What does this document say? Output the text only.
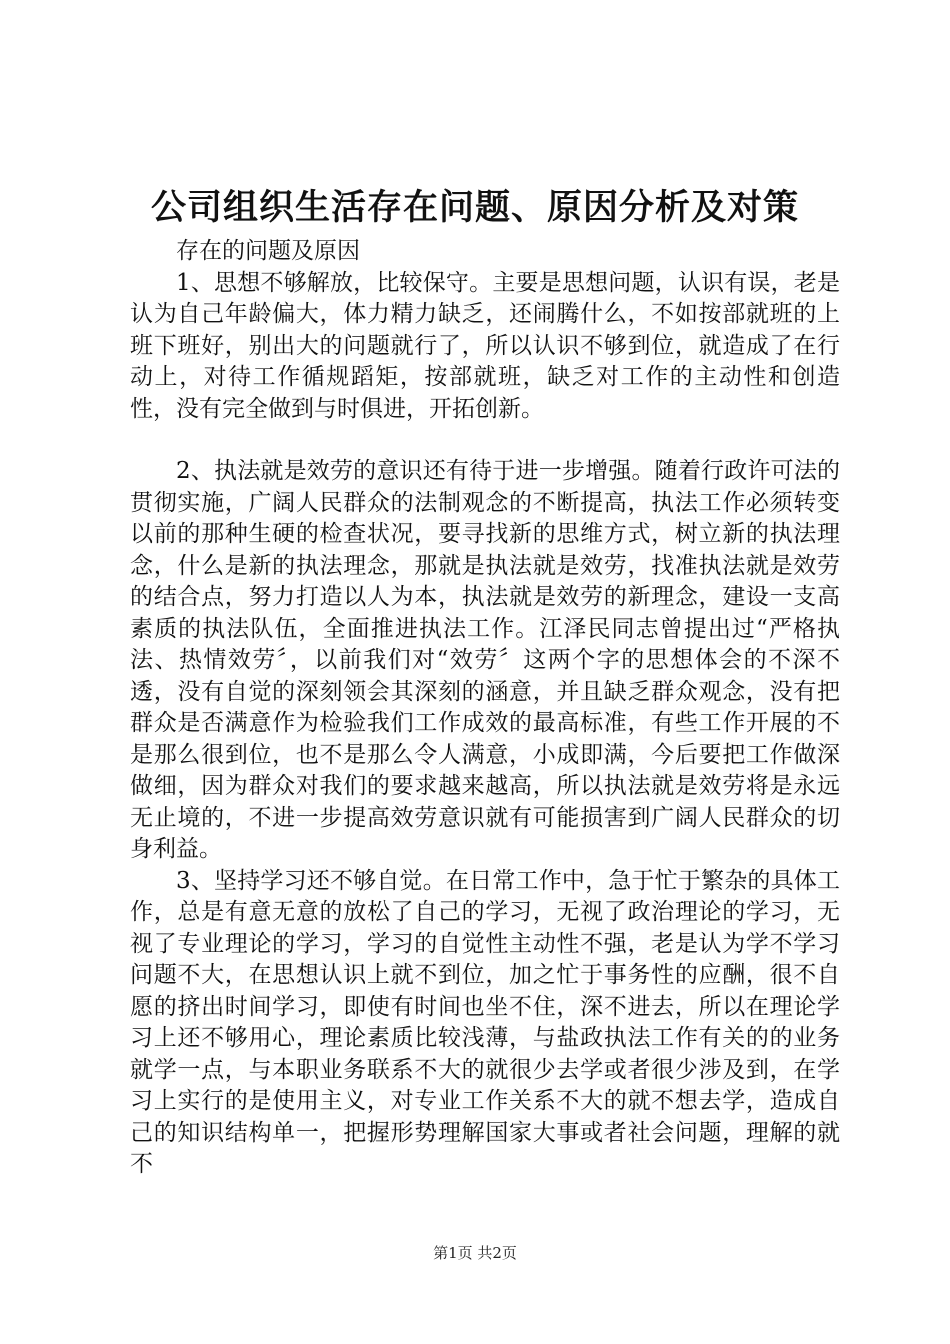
公司组织生活存在问题、原因分析及对策

存在的问题及原因

1、思想不够解放，比较保守。主要是思想问题，认识有误，老是认为自己年龄偏大，体力精力缺乏，还闹腾什么，不如按部就班的上班下班好，别出大的问题就行了，所以认识不够到位，就造成了在行动上，对待工作循规蹈矩，按部就班，缺乏对工作的主动性和创造性，没有完全做到与时俱进，开拓创新。

2、执法就是效劳的意识还有待于进一步增强。随着行政许可法的贯彻实施，广阔人民群众的法制观念的不断提高，执法工作必须转变以前的那种生硬的检查状况，要寻找新的思维方式，树立新的执法理念，什么是新的执法理念，那就是执法就是效劳，找准执法就是效劳的结合点，努力打造以人为本，执法就是效劳的新理念，建设一支高素质的执法队伍，全面推进执法工作。江泽民同志曾提出过“严格执法、热情效劳〞，以前我们对“效劳〞这两个字的思想体会的不深不透，没有自觉的深刻领会其深刻的涵意，并且缺乏群众观念，没有把群众是否满意作为检验我们工作成效的最高标准，有些工作开展的不是那么很到位，也不是那么令人满意，小成即满，今后要把工作做深做细，因为群众对我们的要求越来越高，所以执法就是效劳将是永远无止境的，不进一步提高效劳意识就有可能损害到广阔人民群众的切身利益。

3、坚持学习还不够自觉。在日常工作中，急于忙于繁杂的具体工作，总是有意无意的放松了自己的学习，无视了政治理论的学习，无视了专业理论的学习，学习的自觉性主动性不强，老是认为学不学习问题不大，在思想认识上就不到位，加之忙于事务性的应酬，很不自愿的挤出时间学习，即使有时间也坐不住，深不进去，所以在理论学习上还不够用心，理论素质比较浅薄，与盐政执法工作有关的的业务就学一点，与本职业务联系不大的就很少去学或者很少涉及到，在学习上实行的是使用主义，对专业工作关系不大的就不想去学，造成自己的知识结构单一，把握形势理解国家大事或者社会问题，理解的就不

第1页 共2页
